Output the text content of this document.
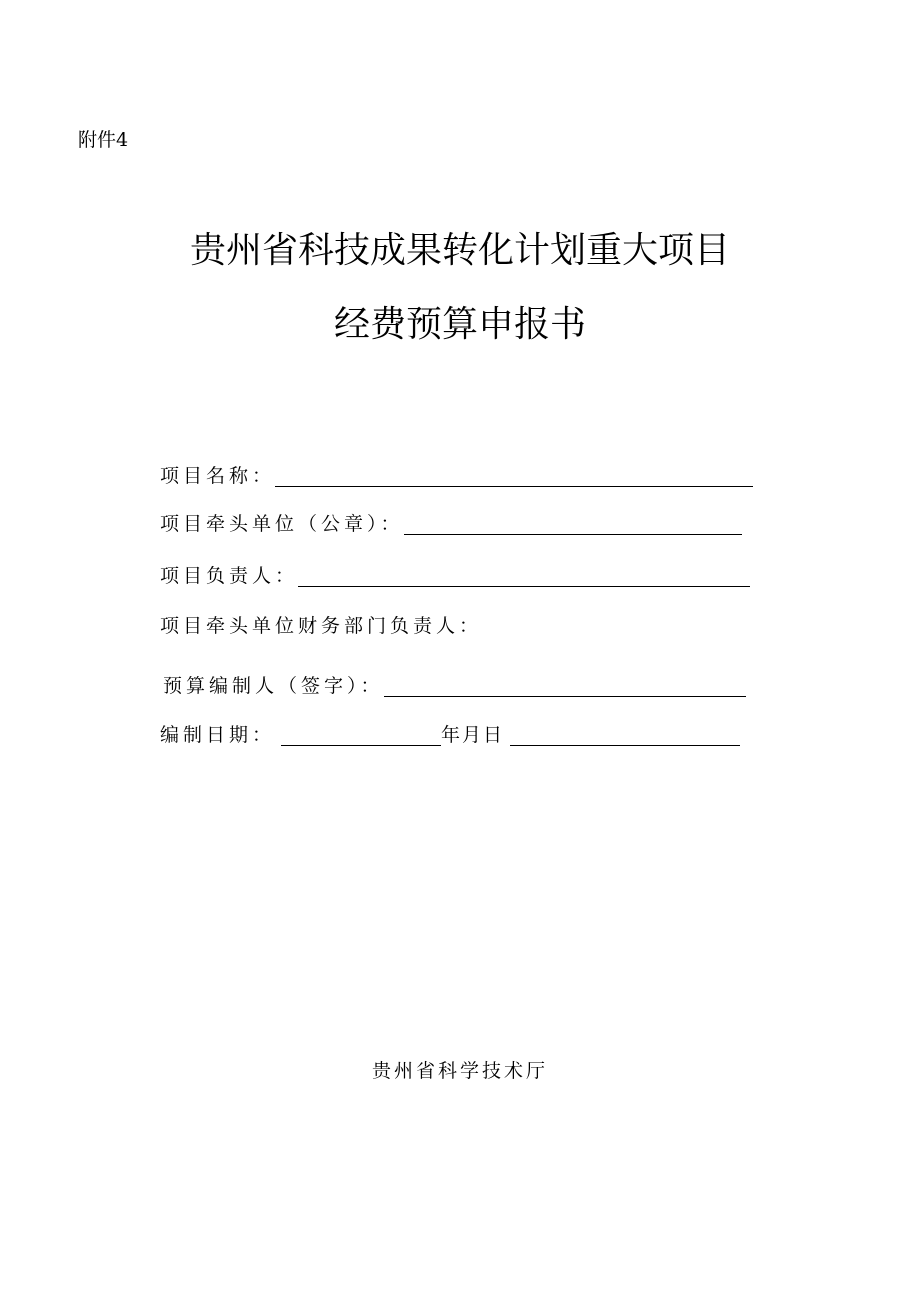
附件4
贵州省科技成果转化计划重大项目
经费预算申报书
项目名称：
项目牵头单位（公章）：
项目负责人：
项目牵头单位财务部门负责人：
预算编制人（签字）：
编制日期：	年 月 日
贵州省科学技术厅
